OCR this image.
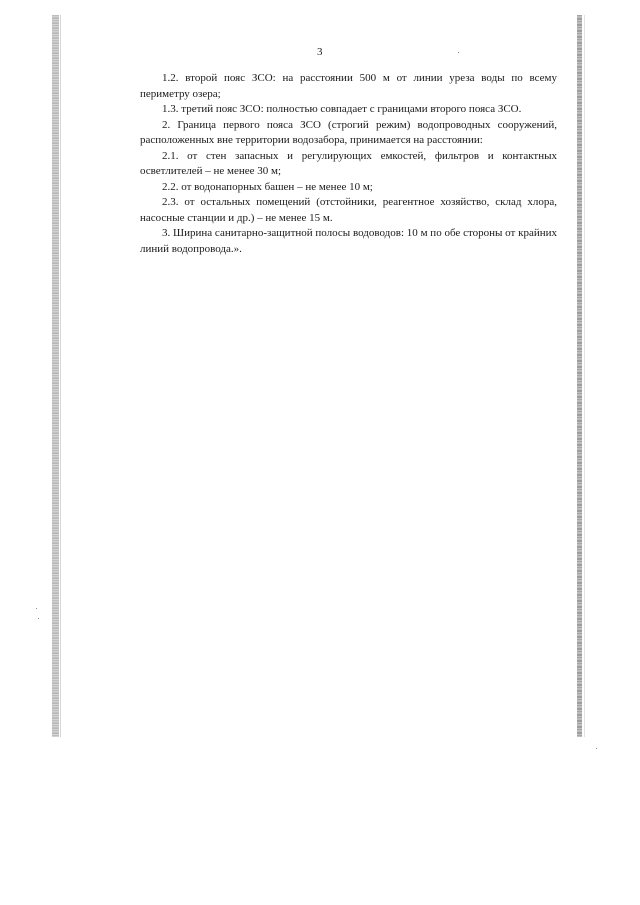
3

1.2. второй пояс ЗСО: на расстоянии 500 м от линии уреза воды по всему периметру озера;

1.3. третий пояс ЗСО: полностью совпадает с границами второго пояса ЗСО.

2. Граница первого пояса ЗСО (строгий режим) водопроводных сооружений, расположенных вне территории водозабора, принимается на расстоянии:

2.1. от стен запасных и регулирующих емкостей, фильтров и контактных осветлителей – не менее 30 м;

2.2. от водонапорных башен – не менее 10 м;

2.3. от остальных помещений (отстойники, реагентное хозяйство, склад хлора, насосные станции и др.) – не менее 15 м.

3. Ширина санитарно-защитной полосы водоводов: 10 м по обе стороны от крайних линий водопровода.».
